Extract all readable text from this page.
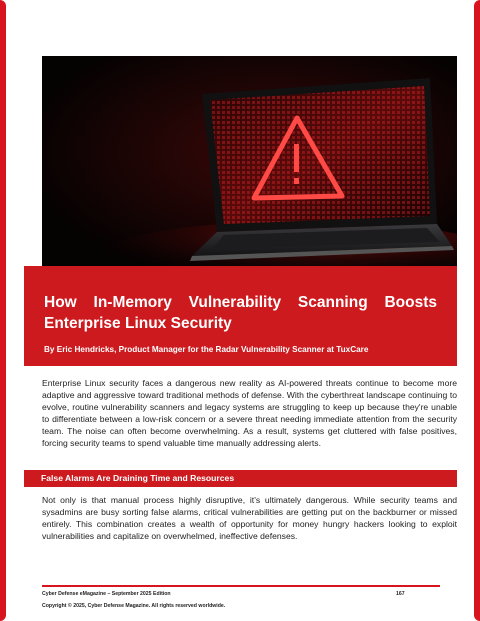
How In-Memory Vulnerability Scanning Boosts Enterprise Linux Security
By Eric Hendricks, Product Manager for the Radar Vulnerability Scanner at TuxCare

Enterprise Linux security faces a dangerous new reality as AI-powered threats continue to become more adaptive and aggressive toward traditional methods of defense. With the cyberthreat landscape continuing to evolve, routine vulnerability scanners and legacy systems are struggling to keep up because they're unable to differentiate between a low-risk concern or a severe threat needing immediate attention from the security team. The noise can often become overwhelming. As a result, systems get cluttered with false positives, forcing security teams to spend valuable time manually addressing alerts.

False Alarms Are Draining Time and Resources

Not only is that manual process highly disruptive, it's ultimately dangerous. While security teams and sysadmins are busy sorting false alarms, critical vulnerabilities are getting put on the backburner or missed entirely. This combination creates a wealth of opportunity for money hungry hackers looking to exploit vulnerabilities and capitalize on overwhelmed, ineffective defenses.

Cyber Defense eMagazine – September 2025 Edition	167
Copyright © 2025, Cyber Defense Magazine. All rights reserved worldwide.
